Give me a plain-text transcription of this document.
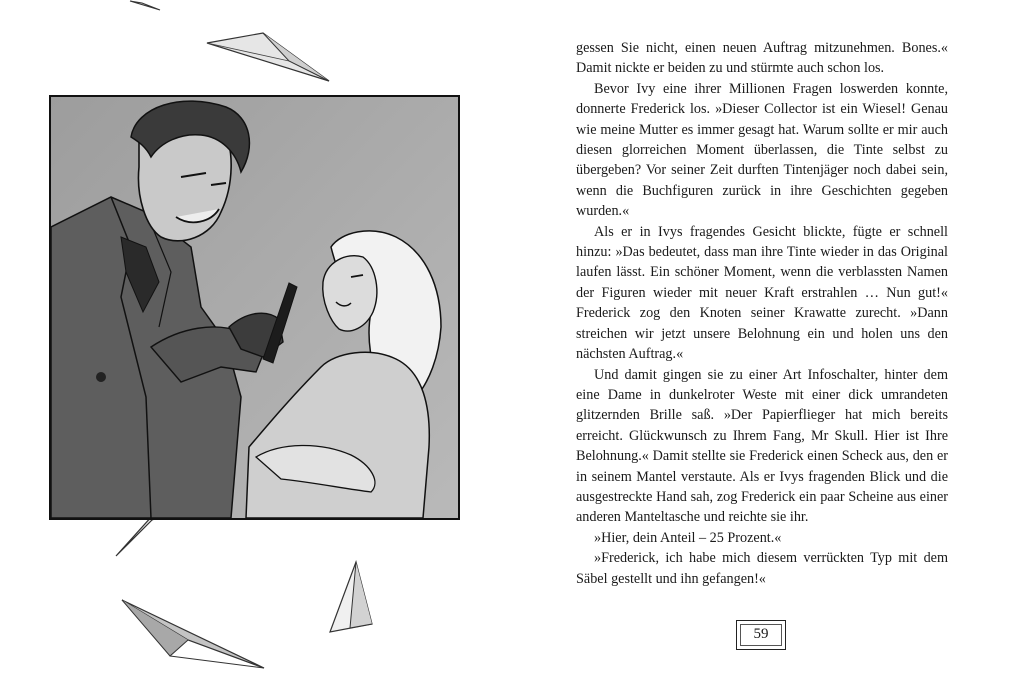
gessen Sie nicht, einen neuen Auftrag mitzunehmen. Bones.« Damit nickte er beiden zu und stürmte auch schon los.

Bevor Ivy eine ihrer Millionen Fragen loswerden konnte, donnerte Frederick los. »Dieser Collector ist ein Wiesel! Genau wie meine Mutter es immer gesagt hat. Warum sollte er mir auch diesen glorreichen Moment überlassen, die Tinte selbst zu übergeben? Vor seiner Zeit durften Tintenjäger noch dabei sein, wenn die Buchfiguren zurück in ihre Geschichten gegeben wurden.«

Als er in Ivys fragendes Gesicht blickte, fügte er schnell hinzu: »Das bedeutet, dass man ihre Tinte wieder in das Original laufen lässt. Ein schöner Moment, wenn die verblassten Namen der Figuren wieder mit neuer Kraft erstrahlen … Nun gut!« Frederick zog den Knoten seiner Krawatte zurecht. »Dann streichen wir jetzt unsere Belohnung ein und holen uns den nächsten Auftrag.«

Und damit gingen sie zu einer Art Infoschalter, hinter dem eine Dame in dunkelroter Weste mit einer dick umrandeten glitzernden Brille saß. »Der Papierflieger hat mich bereits erreicht. Glückwunsch zu Ihrem Fang, Mr Skull. Hier ist Ihre Belohnung.« Damit stellte sie Frederick einen Scheck aus, den er in seinem Mantel verstaute. Als er Ivys fragenden Blick und die ausgestreckte Hand sah, zog Frederick ein paar Scheine aus einer anderen Manteltasche und reichte sie ihr.

»Hier, dein Anteil – 25 Prozent.«

»Frederick, ich habe mich diesem verrückten Typ mit dem Säbel gestellt und ihn gefangen!«

59
